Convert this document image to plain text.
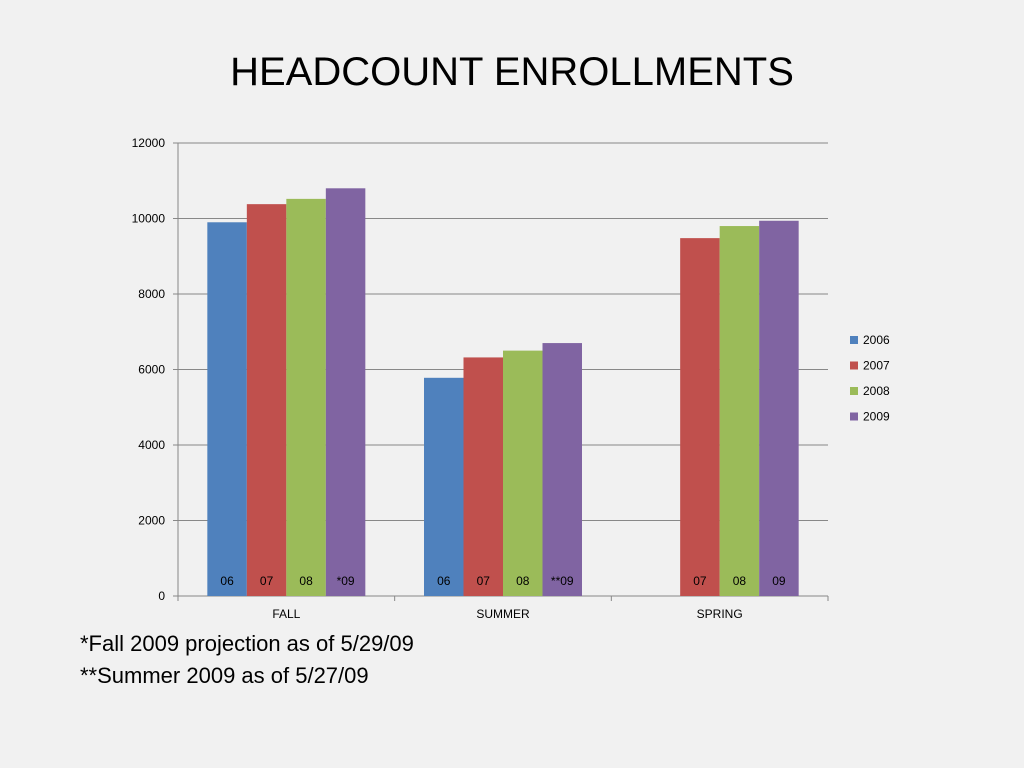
HEADCOUNT ENROLLMENTS
0
2000
4000
6000
8000
10000
12000
FALL	SUMMER	SPRING
06 07 08 *09	06 07 08 **09	07 08 09
2006
2007
2008
2009
*Fall 2009 projection as of 5/29/09
**Summer 2009 as of 5/27/09
